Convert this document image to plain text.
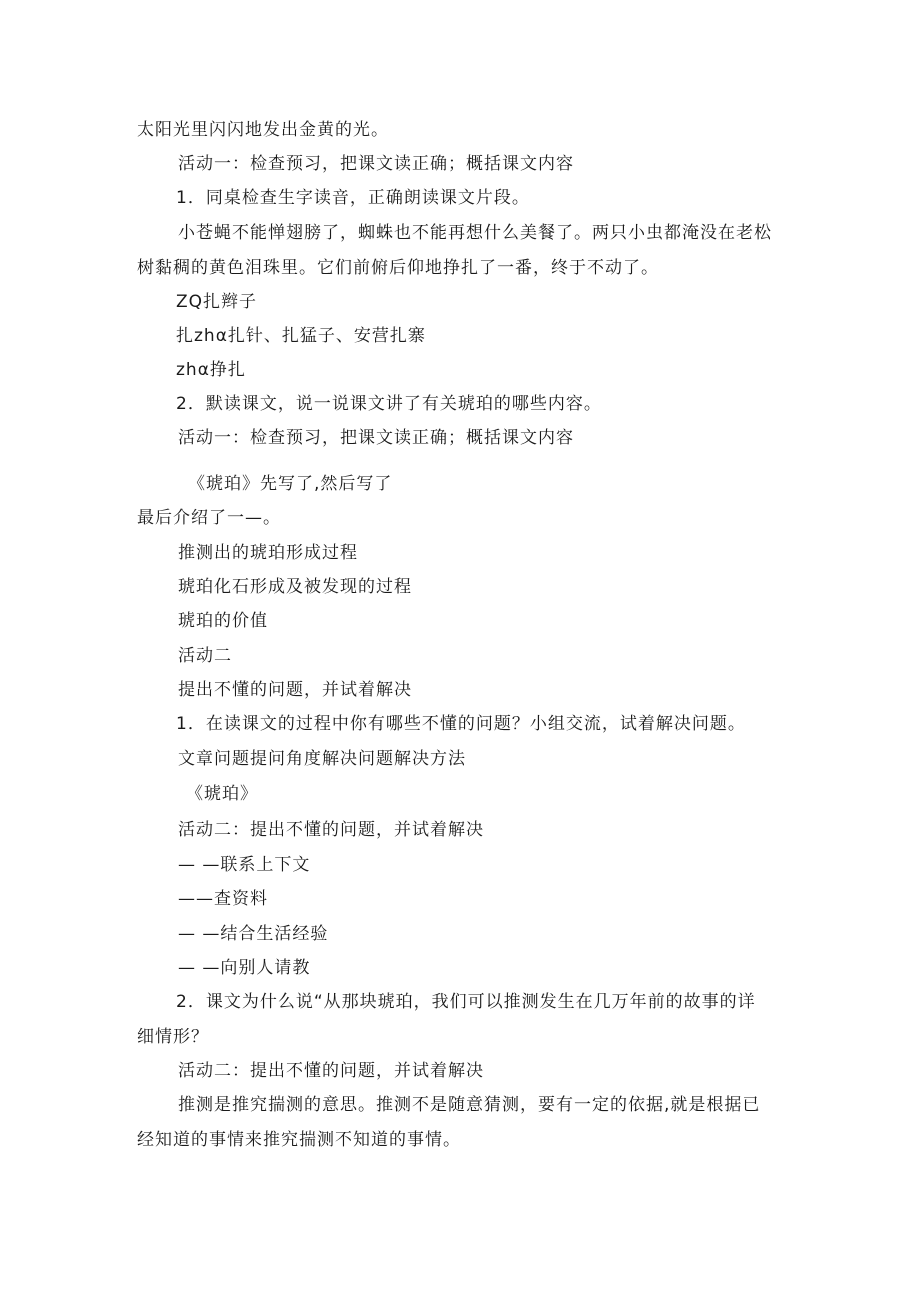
太阳光里闪闪地发出金黄的光。
活动一：检查预习，把课文读正确；概括课文内容
1．同桌检查生字读音，正确朗读课文片段。
小苍蝇不能惮翅膀了，蜘蛛也不能再想什么美餐了。两只小虫都淹没在老松
树黏稠的黄色泪珠里。它们前俯后仰地挣扎了一番，终于不动了。
ZQ扎辫子
扎zhα扎针、扎猛子、安营扎寨
zhα挣扎
2．默读课文，说一说课文讲了有关琥珀的哪些内容。
活动一：检查预习，把课文读正确；概括课文内容
《琥珀》先写了,然后写了
最后介绍了一—。
推测出的琥珀形成过程
琥珀化石形成及被发现的过程
琥珀的价值
活动二
提出不懂的问题，并试着解决
1．在读课文的过程中你有哪些不懂的问题？小组交流，试着解决问题。
文章问题提问角度解决问题解决方法
《琥珀》
活动二：提出不懂的问题，并试着解决
— —联系上下文
——查资料
— —结合生活经验
— —向别人请教
2．课文为什么说“从那块琥珀，我们可以推测发生在几万年前的故事的详
细情形？
活动二：提出不懂的问题，并试着解决
推测是推究揣测的意思。推测不是随意猜测，要有一定的依据,就是根据已
经知道的事情来推究揣测不知道的事情。
